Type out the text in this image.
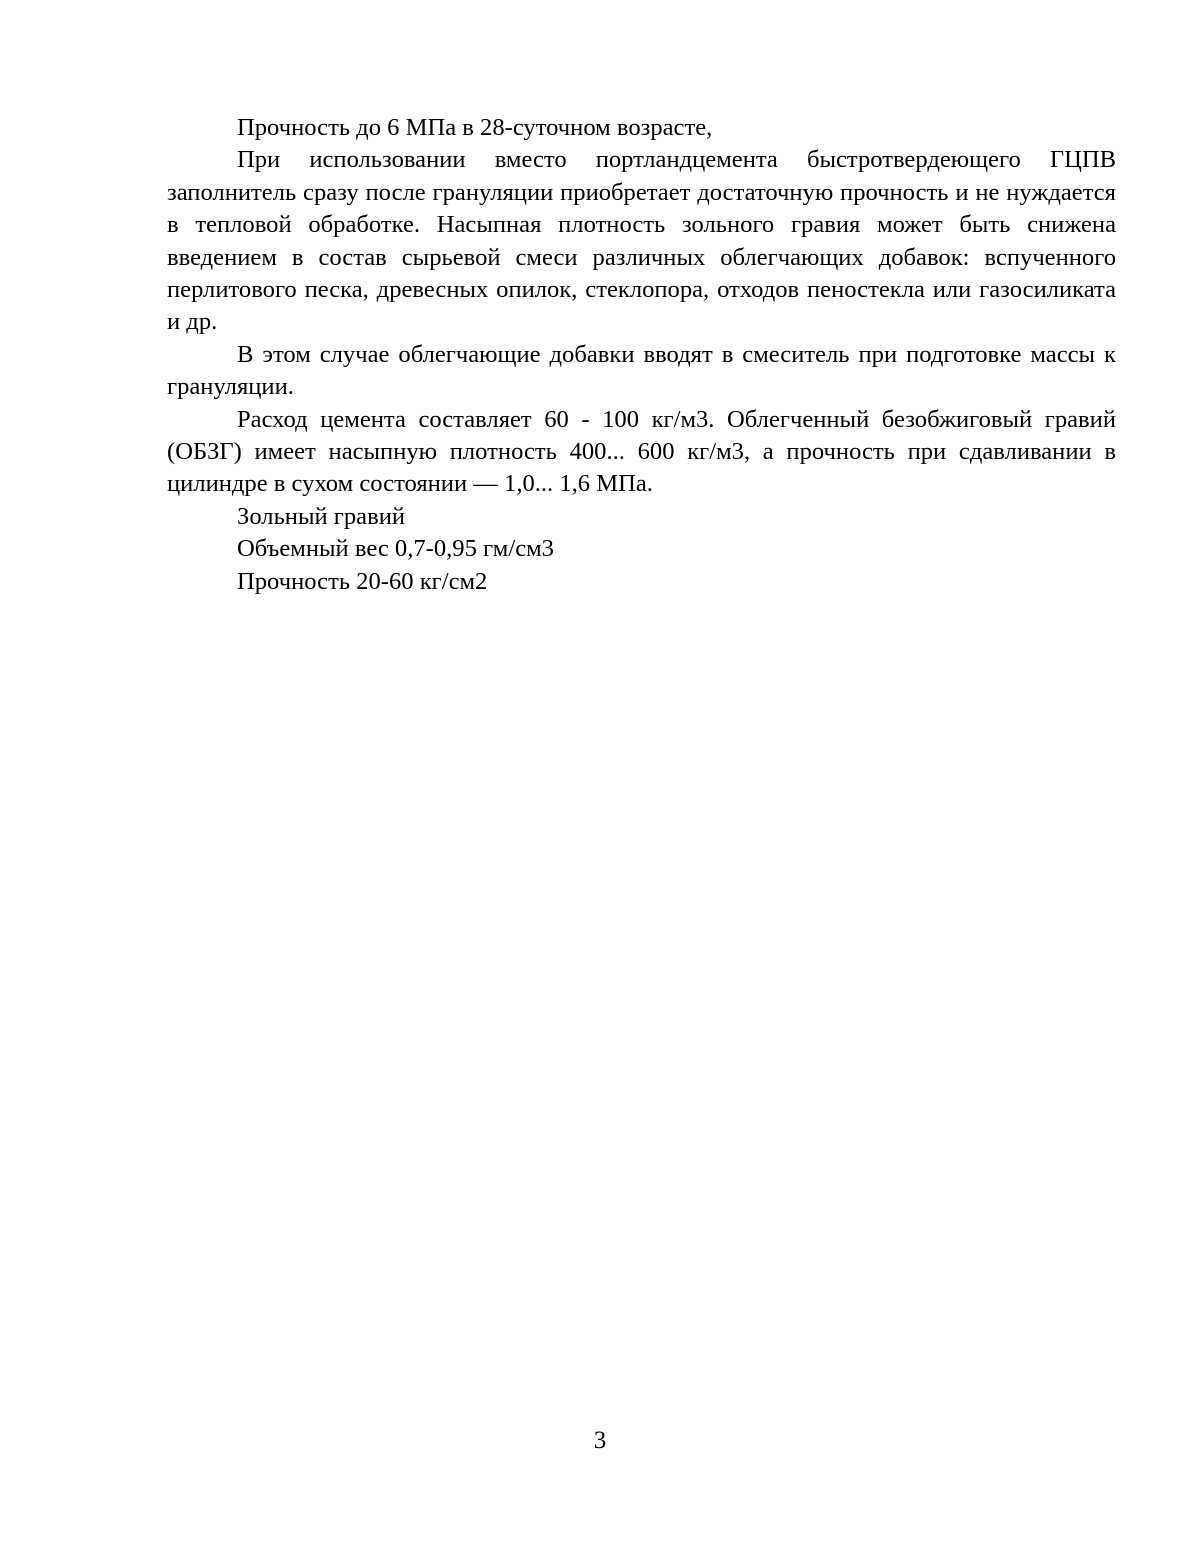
Прочность до 6 МПа в 28-суточном возрасте,

При использовании вместо портландцемента быстротвердеющего ГЦПВ заполнитель сразу после грануляции приобретает достаточную прочность и не нуждается в тепловой обработке. Насыпная плотность зольного гравия может быть снижена введением в состав сырьевой смеси различных облегчающих добавок: вспученного перлитового песка, древесных опилок, стеклопора, отходов пеностекла или газосиликата и др.

В этом случае облегчающие добавки вводят в смеситель при подготовке массы к грануляции.

Расход цемента составляет 60 - 100 кг/м3. Облегченный безобжиговый гравий (ОБЗГ) имеет насыпную плотность 400... 600 кг/м3, а прочность при сдавливании в цилиндре в сухом состоянии — 1,0... 1,6 МПа.

Зольный гравий

Объемный вес 0,7-0,95 гм/см3

Прочность 20-60 кг/см2

3
